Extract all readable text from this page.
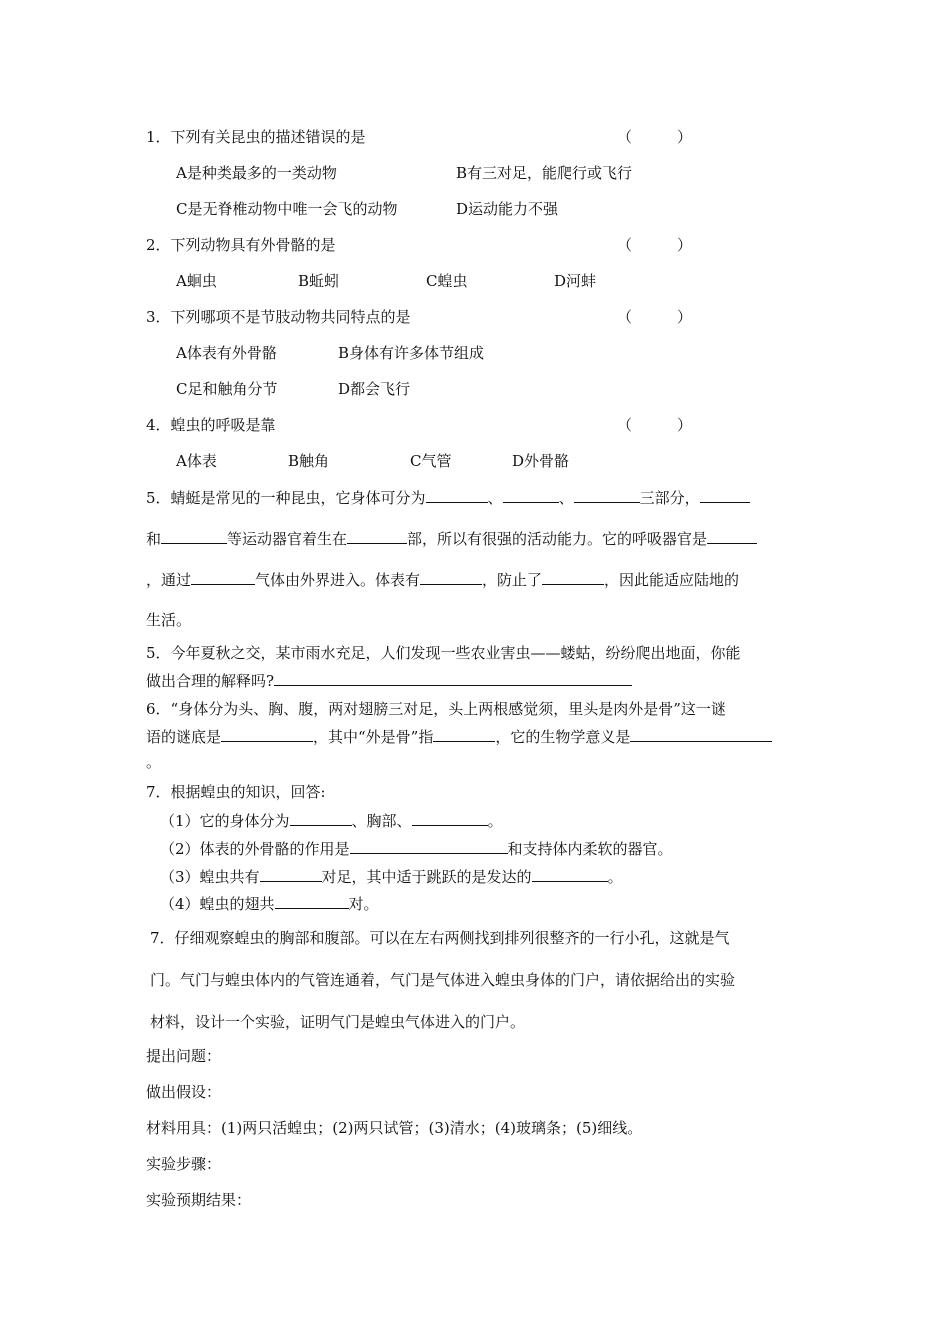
1．下列有关昆虫的描述错误的是	（　　　）
A是种类最多的一类动物	B有三对足，能爬行或飞行
C是无脊椎动物中唯一会飞的动物	D运动能力不强
2．下列动物具有外骨骼的是	（　　　）
A蛔虫	B蚯蚓	C蝗虫	D河蚌
3．下列哪项不是节肢动物共同特点的是	（　　　）
A体表有外骨骼	B身体有许多体节组成
C足和触角分节	D都会飞行
4．蝗虫的呼吸是靠	（　　　）
A体表	B触角	C气管	D外骨骼
5．蜻蜓是常见的一种昆虫，它身体可分为	、	、	三部分，
和	等运动器官着生在	部，所以有很强的活动能力。它的呼吸器官是
，通过	气体由外界进入。体表有	，防止了	，因此能适应陆地的
生活。
5．今年夏秋之交，某市雨水充足，人们发现一些农业害虫——蝼蛄，纷纷爬出地面，你能
做出合理的解释吗?
6．“身体分为头、胸、腹，两对翅膀三对足，头上两根感觉须，里头是肉外是骨”这一谜
语的谜底是	，其中“外是骨”指	，它的生物学意义是
。
7．根据蝗虫的知识，回答:
（1）它的身体分为	、胸部、	。
（2）体表的外骨骼的作用是	和支持体内柔软的器官。
（3）蝗虫共有	对足，其中适于跳跃的是发达的	。
（4）蝗虫的翅共	对。
7．仔细观察蝗虫的胸部和腹部。可以在左右两侧找到排列很整齐的一行小孔，这就是气
门。气门与蝗虫体内的气管连通着，气门是气体进入蝗虫身体的门户，请依据给出的实验
材料，设计一个实验，证明气门是蝗虫气体进入的门户。
提出问题：
做出假设：
材料用具：(1)两只活蝗虫；(2)两只试管；(3)清水；(4)玻璃条；(5)细线。
实验步骤：
实验预期结果：
